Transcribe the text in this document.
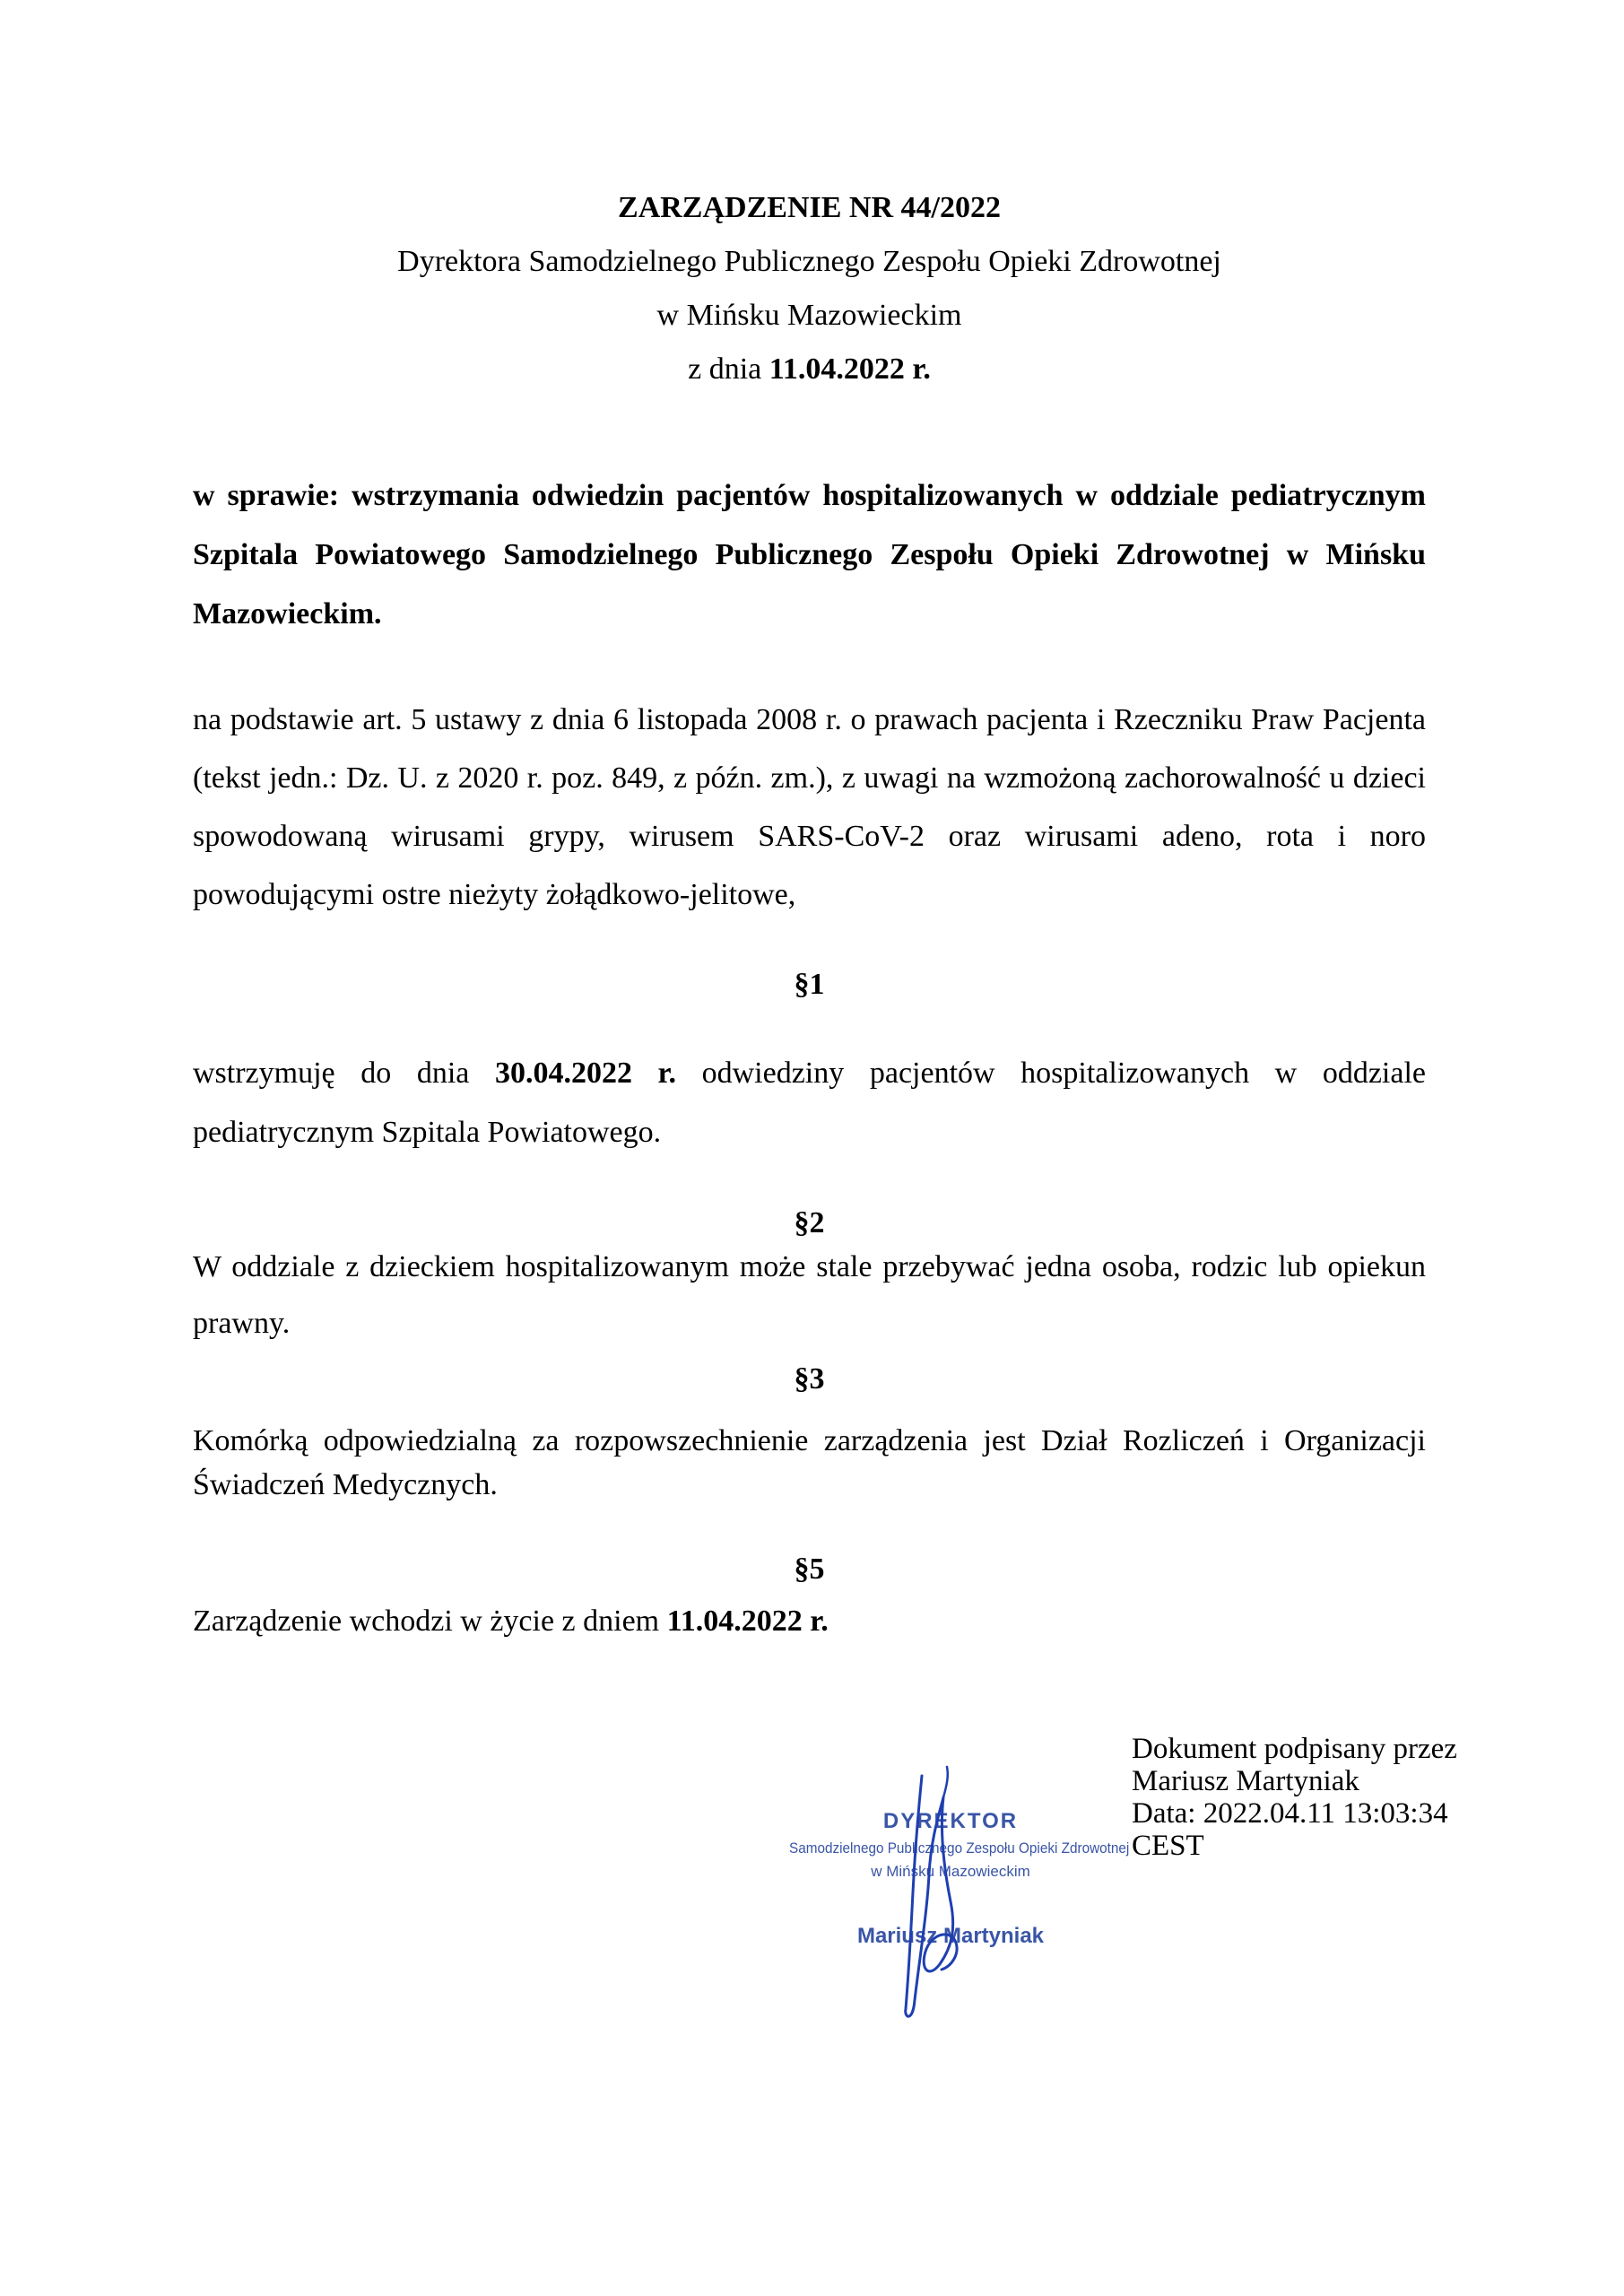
ZARZĄDZENIE NR 44/2022
Dyrektora Samodzielnego Publicznego Zespołu Opieki Zdrowotnej
w Mińsku Mazowieckim
z dnia 11.04.2022 r.
w sprawie: wstrzymania odwiedzin pacjentów hospitalizowanych w oddziale pediatrycznym Szpitala Powiatowego Samodzielnego Publicznego Zespołu Opieki Zdrowotnej w Mińsku Mazowieckim.
na podstawie art. 5 ustawy z dnia 6 listopada 2008 r. o prawach pacjenta i Rzeczniku Praw Pacjenta (tekst jedn.: Dz. U. z 2020 r. poz. 849, z późn. zm.), z uwagi na wzmożoną zachorowalność u dzieci spowodowaną wirusami grypy, wirusem SARS-CoV-2 oraz wirusami adeno, rota i noro powodującymi ostre nieżyty żołądkowo-jelitowe,
§1
wstrzymuję do dnia 30.04.2022 r. odwiedziny pacjentów hospitalizowanych w oddziale pediatrycznym Szpitala Powiatowego.
§2
W oddziale z dzieckiem hospitalizowanym może stale przebywać jedna osoba, rodzic lub opiekun prawny.
§3
Komórką odpowiedzialną za rozpowszechnienie zarządzenia jest Dział Rozliczeń i Organizacji Świadczeń Medycznych.
§5
Zarządzenie wchodzi w życie z dniem 11.04.2022 r.
DYREKTOR
Samodzielnego Publicznego Zespołu Opieki Zdrowotnej
w Mińsku Mazowieckim
Mariusz Martyniak
Dokument podpisany przez
Mariusz Martyniak
Data: 2022.04.11 13:03:34
CEST
